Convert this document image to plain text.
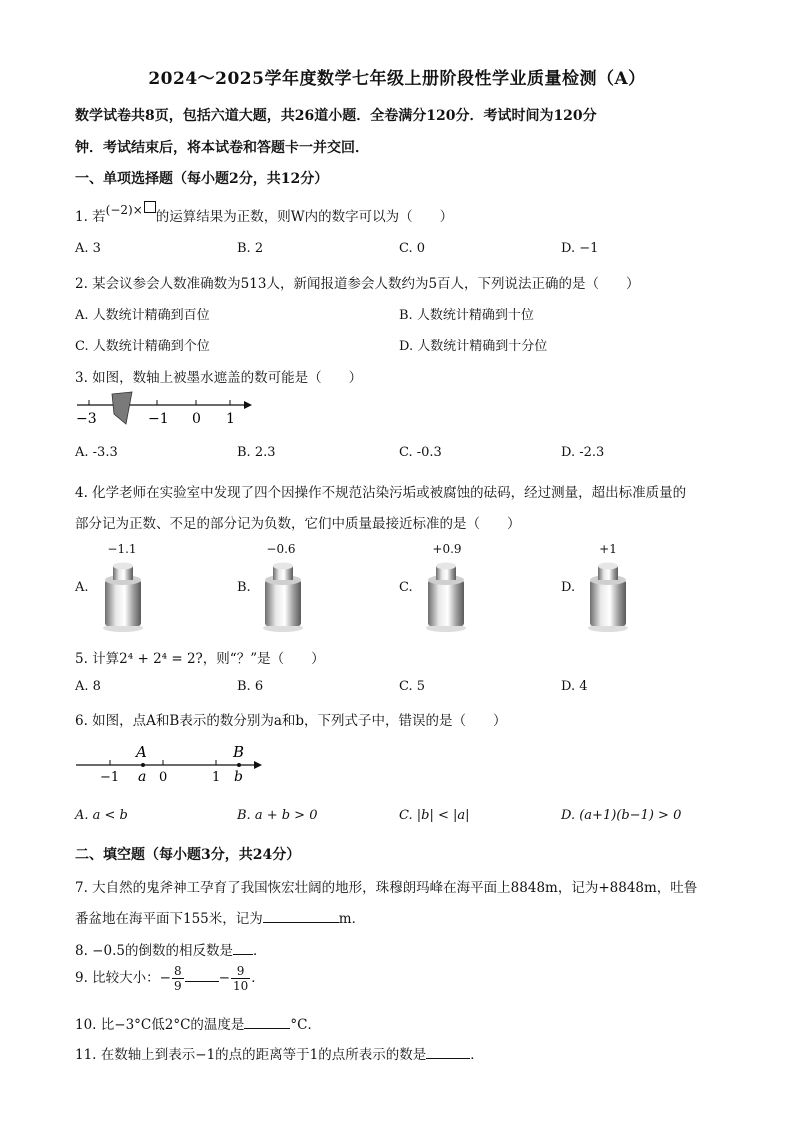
2024～2025学年度数学七年级上册阶段性学业质量检测（A）
数学试卷共8页，包括六道大题，共26道小题．全卷满分120分．考试时间为120分
钟．考试结束后，将本试卷和答题卡一并交回．
一、单项选择题（每小题2分，共12分）
1. 若(−2)× 的运算结果为正数，则W内的数字可以为（　　）
A. 3	B. 2	C. 0	D. −1
2. 某会议参会人数准确数为513人，新闻报道参会人数约为5百人，下列说法正确的是（　　）
A. 人数统计精确到百位	B. 人数统计精确到十位
C. 人数统计精确到个位	D. 人数统计精确到十分位
3. 如图，数轴上被墨水遮盖的数可能是（　　）
−3	−1 0 1
A. -3.3	B. 2.3	C. -0.3	D. -2.3
4. 化学老师在实验室中发现了四个因操作不规范沾染污垢或被腐蚀的砝码，经过测量，超出标准质量的
部分记为正数、不足的部分记为负数，它们中质量最接近标准的是（　　）
−1.1
A.
−0.6
B.
+0.9
C.
+1
D.
5. 计算2⁴ + 2⁴ = 2?，则“？”是（　　）
A. 8	B. 6	C. 5	D. 4
6. 如图，点A和B表示的数分别为a和b，下列式子中，错误的是（　　）
A	B
−1 a 0	1 b
A. a < b	B. a + b > 0	C. |b| < |a|	D. (a+1)(b−1) > 0
二、填空题（每小题3分，共24分）
7. 大自然的鬼斧神工孕育了我国恢宏壮阔的地形，珠穆朗玛峰在海平面上8848m，记为+8848m，吐鲁
番盆地在海平面下155米，记为	m．
8. −0.5的倒数的相反数是 ．
9. 比较大小：− $\frac{8}{9}$	− $\frac{9}{10}$ ．
10. 比−3°C低2°C的温度是	°C．
11. 在数轴上到表示−1的点的距离等于1的点所表示的数是	．
